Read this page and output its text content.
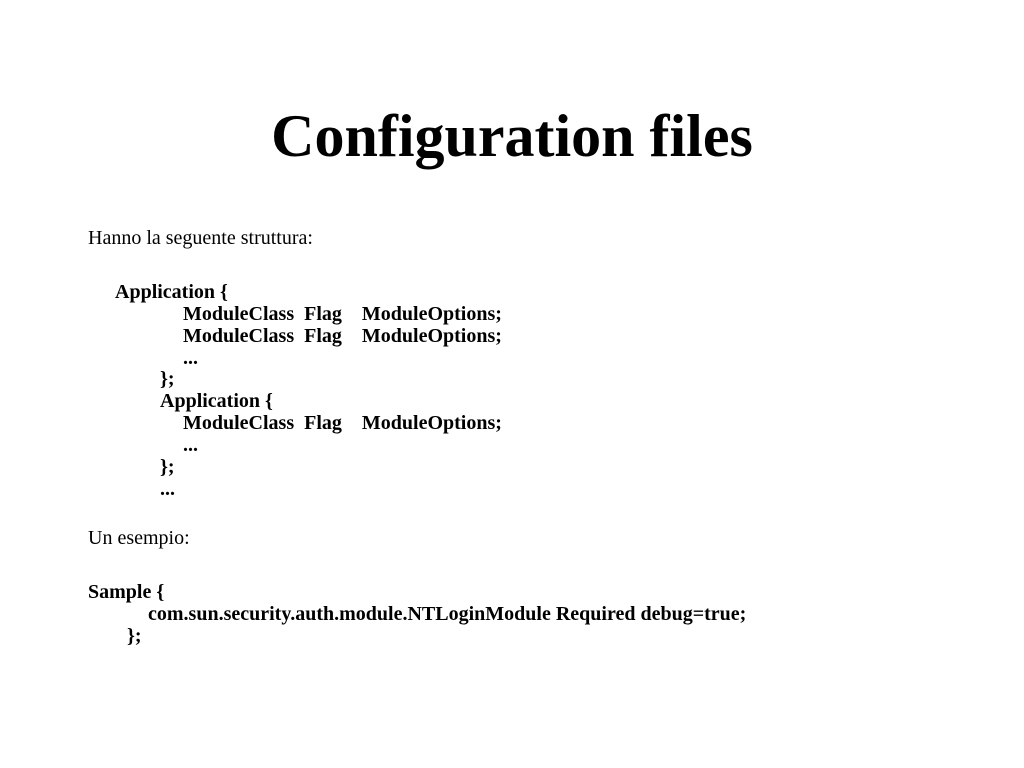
Configuration files
Hanno la seguente struttura:
Application {
ModuleClass  Flag    ModuleOptions;
ModuleClass  Flag    ModuleOptions;
...
};
Application {
ModuleClass  Flag    ModuleOptions;
...
};
...
Un esempio:
Sample {
com.sun.security.auth.module.NTLoginModule Required debug=true;
};
